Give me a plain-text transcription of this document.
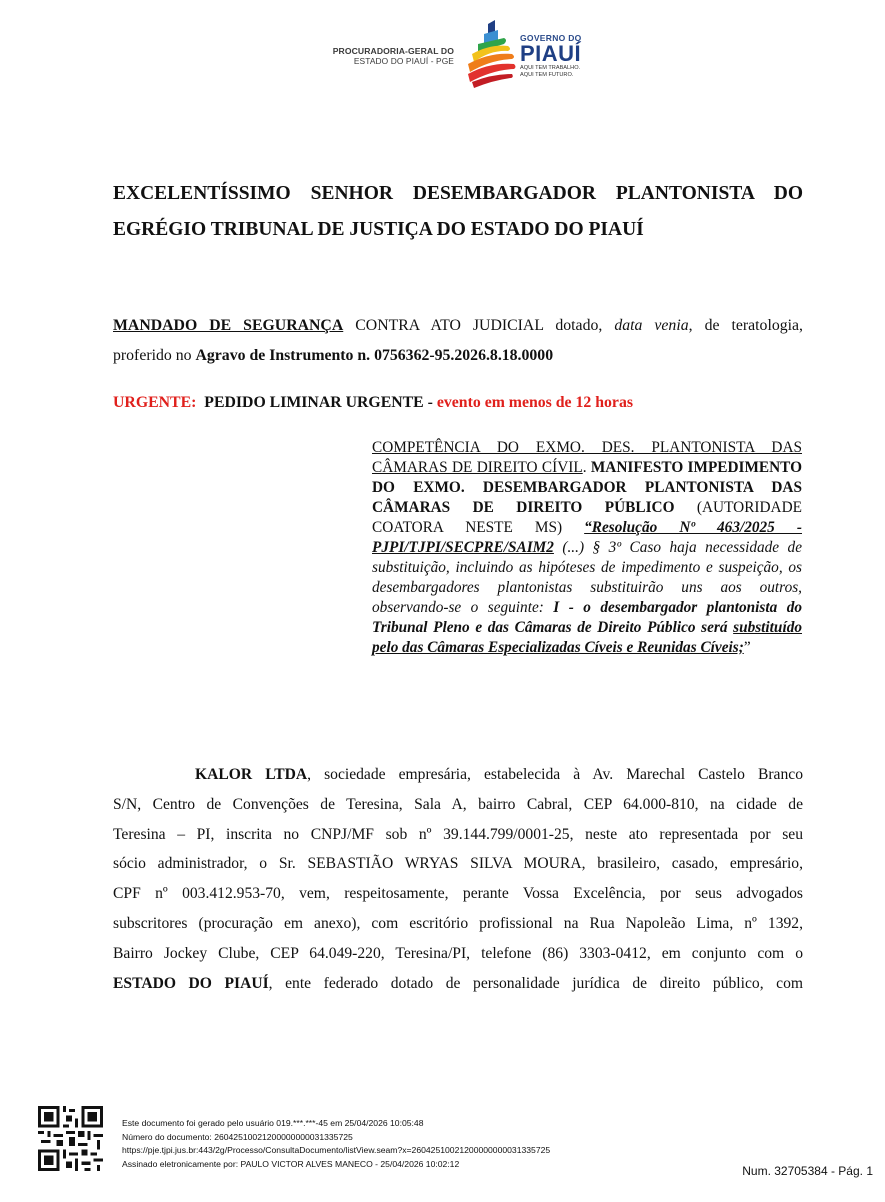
PROCURADORIA-GERAL DO
ESTADO DO PIAUÍ - PGE
GOVERNO DO
PIAUÍ
AQUI TEM TRABALHO.
AQUI TEM FUTURO.
EXCELENTÍSSIMO SENHOR DESEMBARGADOR PLANTONISTA DO
EGRÉGIO TRIBUNAL DE JUSTIÇA DO ESTADO DO PIAUÍ
MANDADO DE SEGURANÇA CONTRA ATO JUDICIAL dotado, data venia, de teratologia,
proferido no Agravo de Instrumento n. 0756362-95.2026.8.18.0000
URGENTE:  PEDIDO LIMINAR URGENTE - evento em menos de 12 horas
COMPETÊNCIA DO EXMO. DES. PLANTONISTA DAS CÂMARAS DE DIREITO CÍVIL. MANIFESTO IMPEDIMENTO DO EXMO. DESEMBARGADOR PLANTONISTA DAS CÂMARAS DE DIREITO PÚBLICO (AUTORIDADE COATORA NESTE MS) “Resolução Nº 463/2025 - PJPI/TJPI/SECPRE/SAIM2 (...) § 3º Caso haja necessidade de substituição, incluindo as hipóteses de impedimento e suspeição, os desembargadores plantonistas substituirão uns aos outros, observando-se o seguinte: I - o desembargador plantonista do Tribunal Pleno e das Câmaras de Direito Público será substituído pelo das Câmaras Especializadas Cíveis e Reunidas Cíveis;”
KALOR LTDA, sociedade empresária, estabelecida à Av. Marechal Castelo Branco
S/N, Centro de Convenções de Teresina, Sala A, bairro Cabral, CEP 64.000-810, na cidade de
Teresina – PI, inscrita no CNPJ/MF sob nº 39.144.799/0001-25, neste ato representada por seu
sócio administrador, o Sr. SEBASTIÃO WRYAS SILVA MOURA, brasileiro, casado, empresário,
CPF nº 003.412.953-70, vem, respeitosamente, perante Vossa Excelência, por seus advogados
subscritores (procuração em anexo), com escritório profissional na Rua Napoleão Lima, nº 1392,
Bairro Jockey Clube, CEP 64.049-220, Teresina/PI, telefone (86) 3303-0412, em conjunto com o
ESTADO DO PIAUÍ, ente federado dotado de personalidade jurídica de direito público, com
Este documento foi gerado pelo usuário 019.***.***-45 em 25/04/2026 10:05:48
Número do documento: 26042510021200000000031335725
https://pje.tjpi.jus.br:443/2g/Processo/ConsultaDocumento/listView.seam?x=26042510021200000000031335725
Assinado eletronicamente por: PAULO VICTOR ALVES MANECO - 25/04/2026 10:02:12
Num. 32705384 - Pág. 1
